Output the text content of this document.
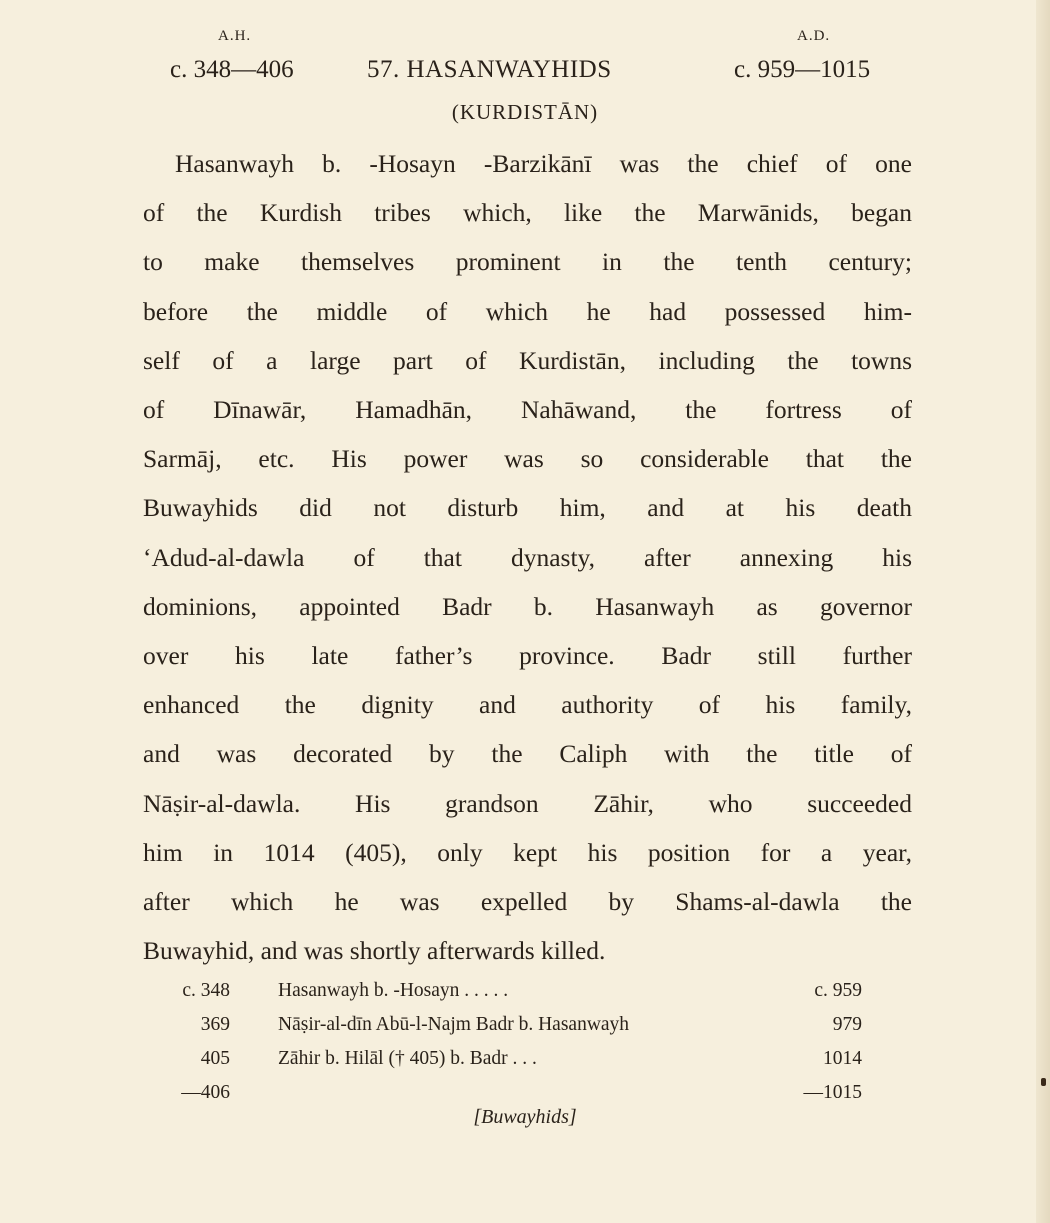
A.H.	A.D.
c. 348—406	57. HASANWAYHIDS	c. 959—1015
(KURDISTĀN)
Hasanwayh b. -Hosayn -Barzikānī was the chief of one
of the Kurdish tribes which, like the Marwānids, began
to make themselves prominent in the tenth century;
before the middle of which he had possessed him-
self of a large part of Kurdistān, including the towns
of Dīnawār, Hamadhān, Nahāwand, the fortress of
Sarmāj, etc. His power was so considerable that the
Buwayhids did not disturb him, and at his death
‘Adud-al-dawla of that dynasty, after annexing his
dominions, appointed Badr b. Hasanwayh as governor
over his late father’s province. Badr still further
enhanced the dignity and authority of his family,
and was decorated by the Caliph with the title of
Nāṣir-al-dawla. His grandson Zāhir, who succeeded
him in 1014 (405), only kept his position for a year,
after which he was expelled by Shams-al-dawla the
Buwayhid, and was shortly afterwards killed.
c. 348 Hasanwayh b. -Hosayn . . . . .	c. 959
369 Nāṣir-al-dīn Abū-l-Najm Badr b. Hasanwayh	979
405 Zāhir b. Hilāl († 405) b. Badr . . .	1014
—406	—1015
[Buwayhids]
